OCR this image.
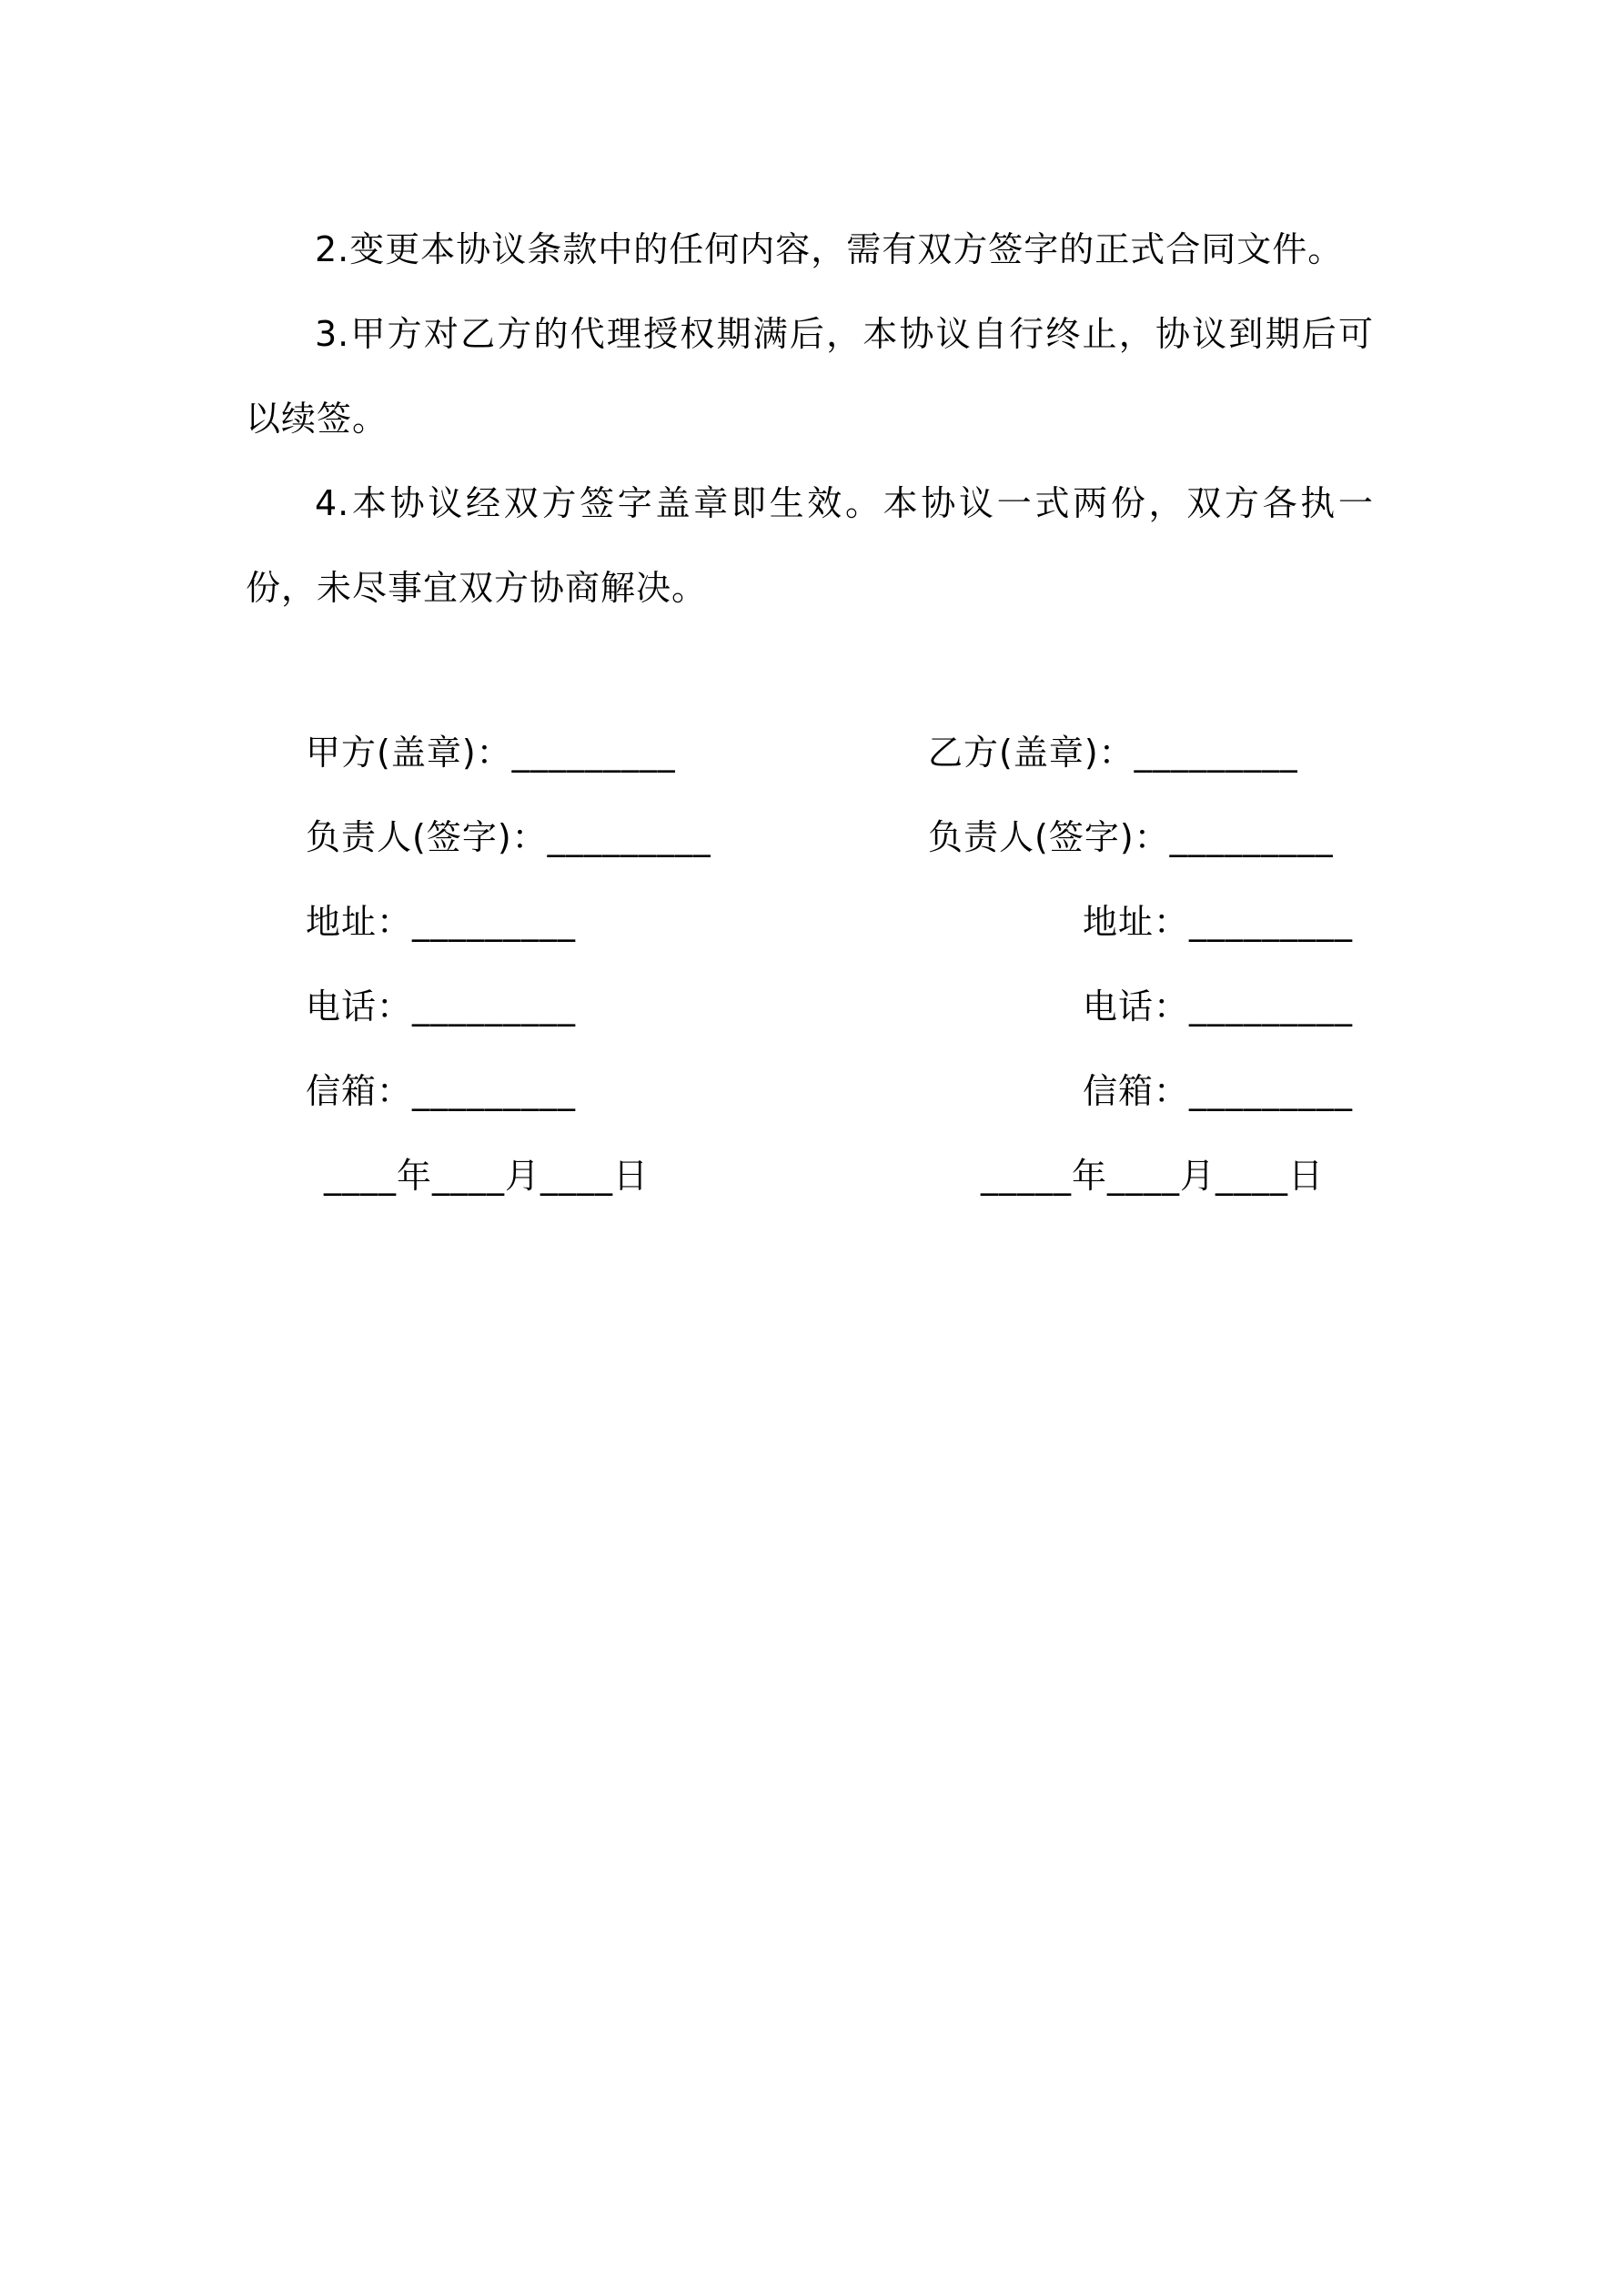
2.变更本协议条款中的任何内容，需有双方签字的正式合同文件。

3.甲方对乙方的代理授权期满后，本协议自行终止，协议到期后可以续签。

4.本协议经双方签字盖章即生效。本协议一式两份，双方各执一份，未尽事宜双方协商解决。

甲方(盖章)：_________
负责人(签字)：_________
地址：_________
电话：_________
信箱：_________
____年____月____日
乙方(盖章)：_________
负责人(签字)：_________
地址：_________
电话：_________
信箱：_________
_____年____月____日
